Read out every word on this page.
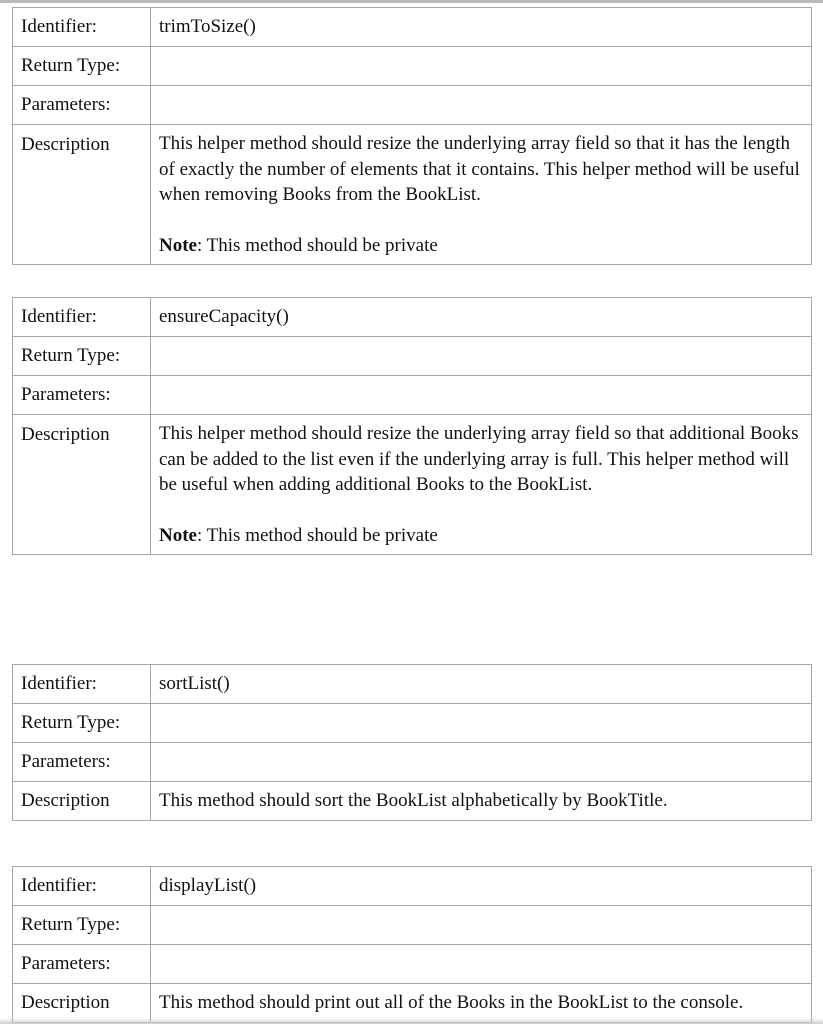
Identifier:	trimToSize()
Return Type:	
Parameters:	
Description	This helper method should resize the underlying array field so that it has the length of exactly the number of elements that it contains. This helper method will be useful when removing Books from the BookList.
Note: This method should be private
Identifier:	ensureCapacity()
Return Type:	
Parameters:	
Description	This helper method should resize the underlying array field so that additional Books can be added to the list even if the underlying array is full. This helper method will be useful when adding additional Books to the BookList.
Note: This method should be private
Identifier:	sortList()
Return Type:	
Parameters:	
Description	This method should sort the BookList alphabetically by BookTitle.
Identifier:	displayList()
Return Type:	
Parameters:	
Description	This method should print out all of the Books in the BookList to the console.
